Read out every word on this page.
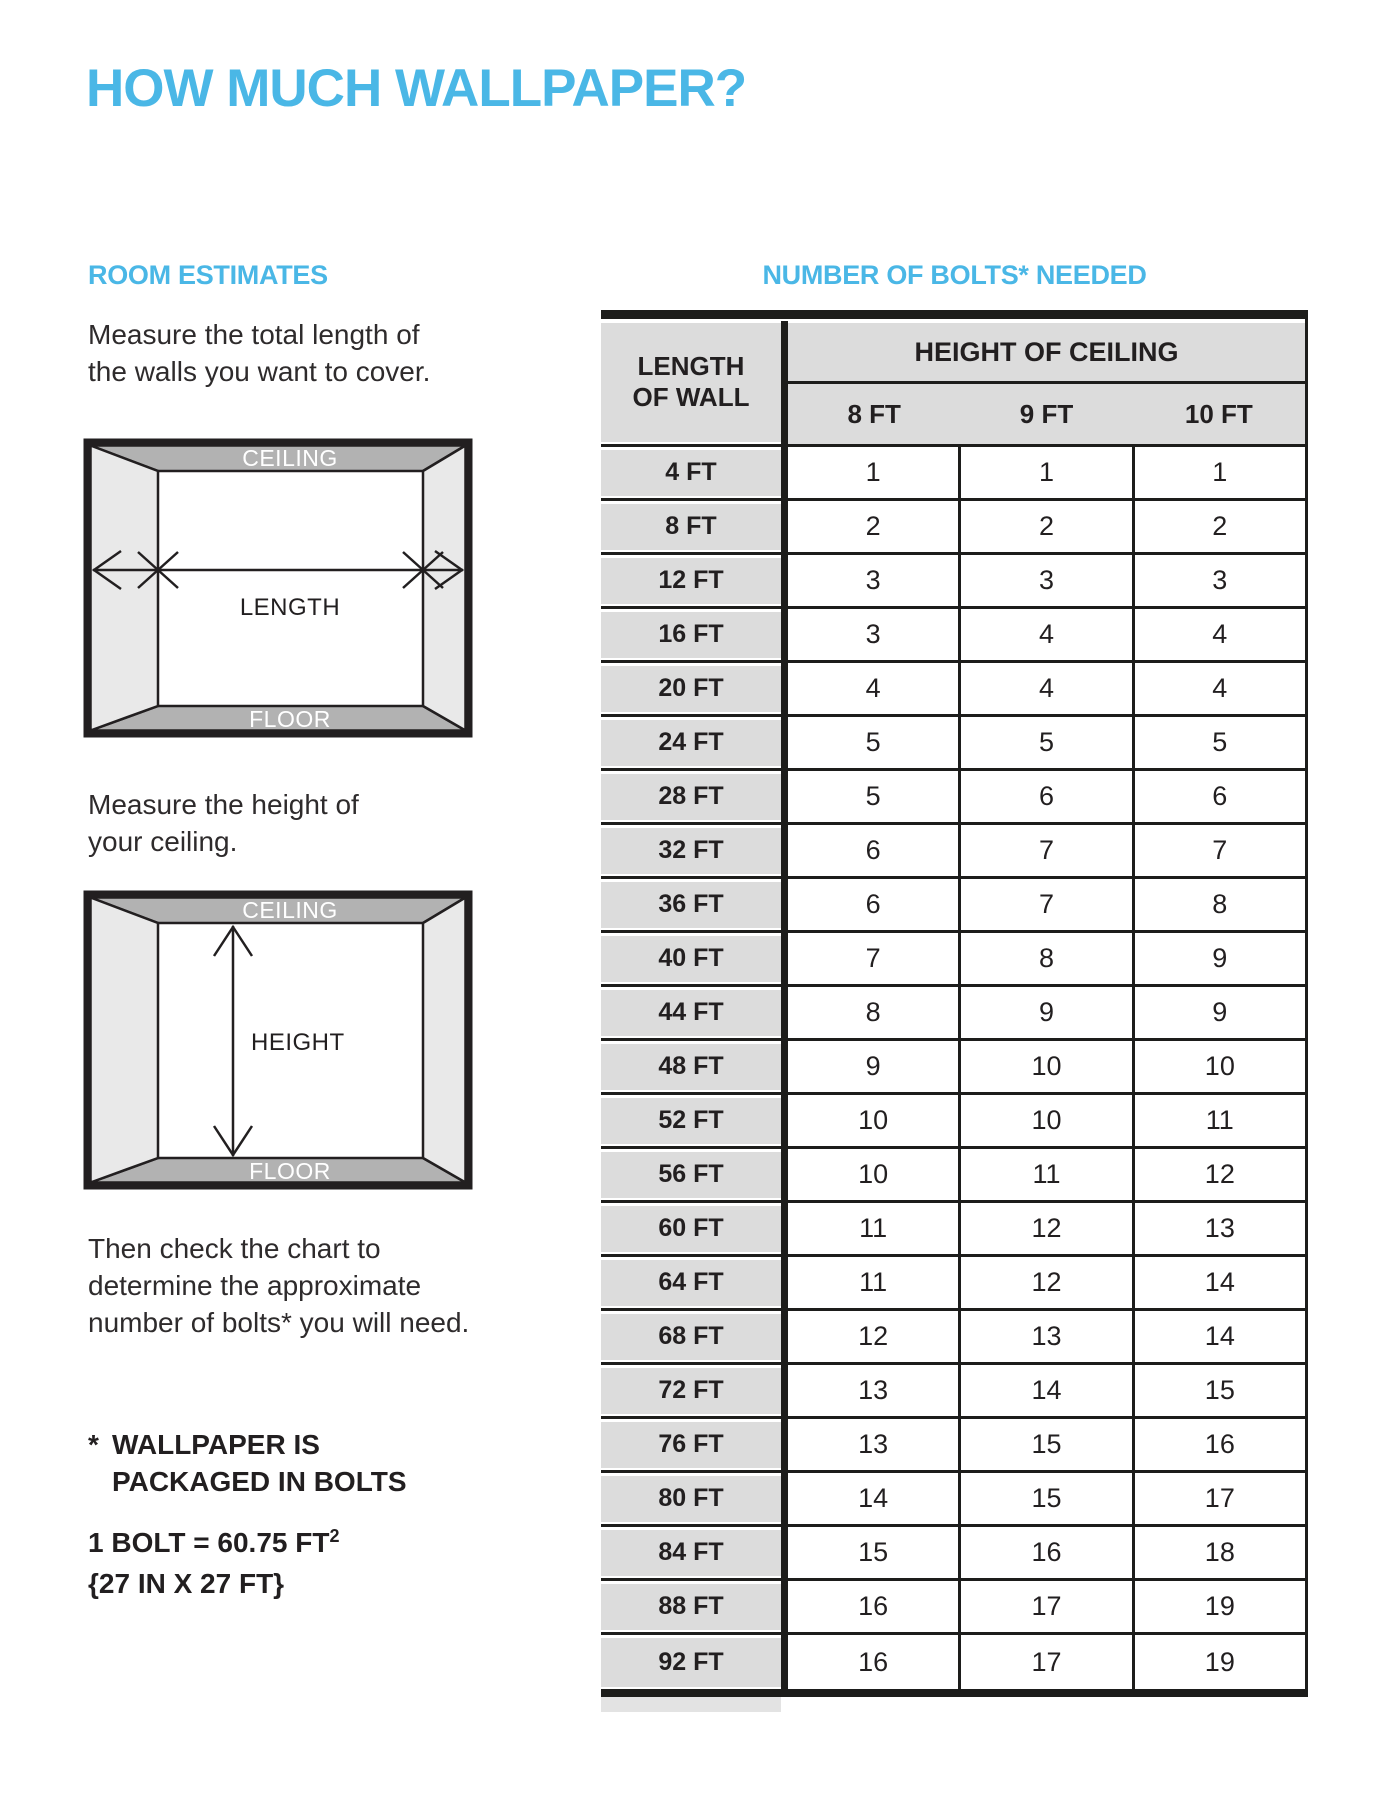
HOW MUCH WALLPAPER?
ROOM ESTIMATES	NUMBER OF BOLTS* NEEDED
Measure the total length of
the walls you want to cover.
CEILING
LENGTH
FLOOR
Measure the height of
your ceiling.
CEILING
HEIGHT
FLOOR
Then check the chart to
determine the approximate
number of bolts* you will need.
* WALLPAPER IS
PACKAGED IN BOLTS
1 BOLT = 60.75 $FT^2$
{27 IN X 27 FT}
LENGTH
OF WALL
HEIGHT OF CEILING
8 FT	9 FT	10 FT
4 FT	1	1	1
8 FT	2	2	2
12 FT	3	3	3
16 FT	3	4	4
20 FT	4	4	4
24 FT	5	5	5
28 FT	5	6	6
32 FT	6	7	7
36 FT	6	7	8
40 FT	7	8	9
44 FT	8	9	9
48 FT	9	10	10
52 FT	10	10	11
56 FT	10	11	12
60 FT	11	12	13
64 FT	11	12	14
68 FT	12	13	14
72 FT	13	14	15
76 FT	13	15	16
80 FT	14	15	17
84 FT	15	16	18
88 FT	16	17	19
92 FT	16	17	19
